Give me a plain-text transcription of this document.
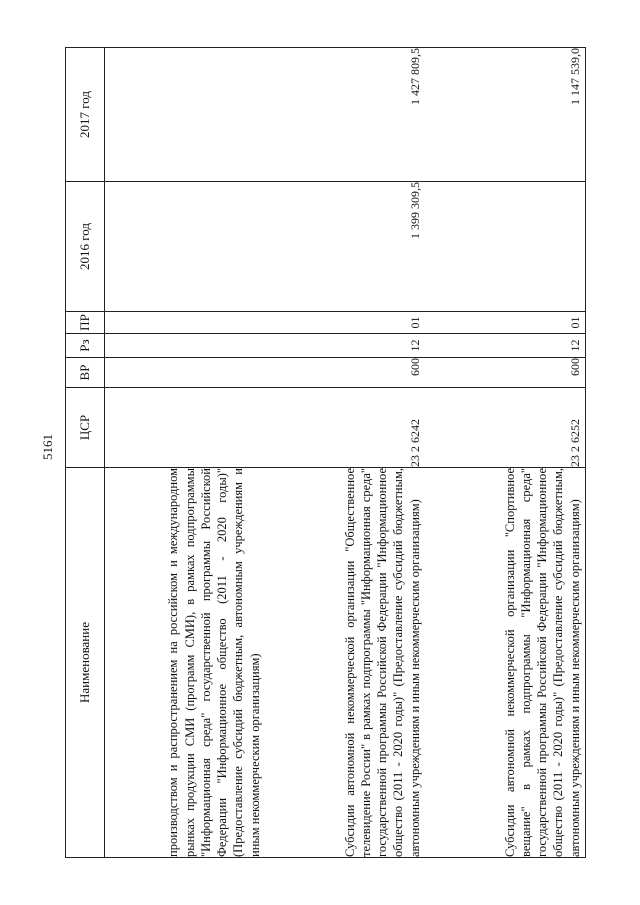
5161
Наименование	ЦСР	ВР	Рз	ПР	2016 год	2017 год
производством и распространением на российском и международном рынках продукции СМИ (программ СМИ), в рамках подпрограммы "Информационная среда" государственной программы Российской Федерации "Информационное общество (2011 - 2020 годы)" (Предоставление субсидий бюджетным, автономным учреждениям и иным некоммерческим организациям)						
Субсидии автономной некоммерческой организации "Общественное телевидение России" в рамках подпрограммы "Информационная среда" государственной программы Российской Федерации "Информационное общество (2011 - 2020 годы)" (Предоставление субсидий бюджетным, автономным учреждениям и иным некоммерческим организациям)	23 2 6242	600	12	01	1 399 309,5	1 427 809,5
Субсидии автономной некоммерческой организации "Спортивное вещание" в рамках подпрограммы "Информационная среда" государственной программы Российской Федерации "Информационное общество (2011 - 2020 годы)" (Предоставление субсидий бюджетным, автономным учреждениям и иным некоммерческим организациям)	23 2 6252	600	12	01		1 147 539,0
